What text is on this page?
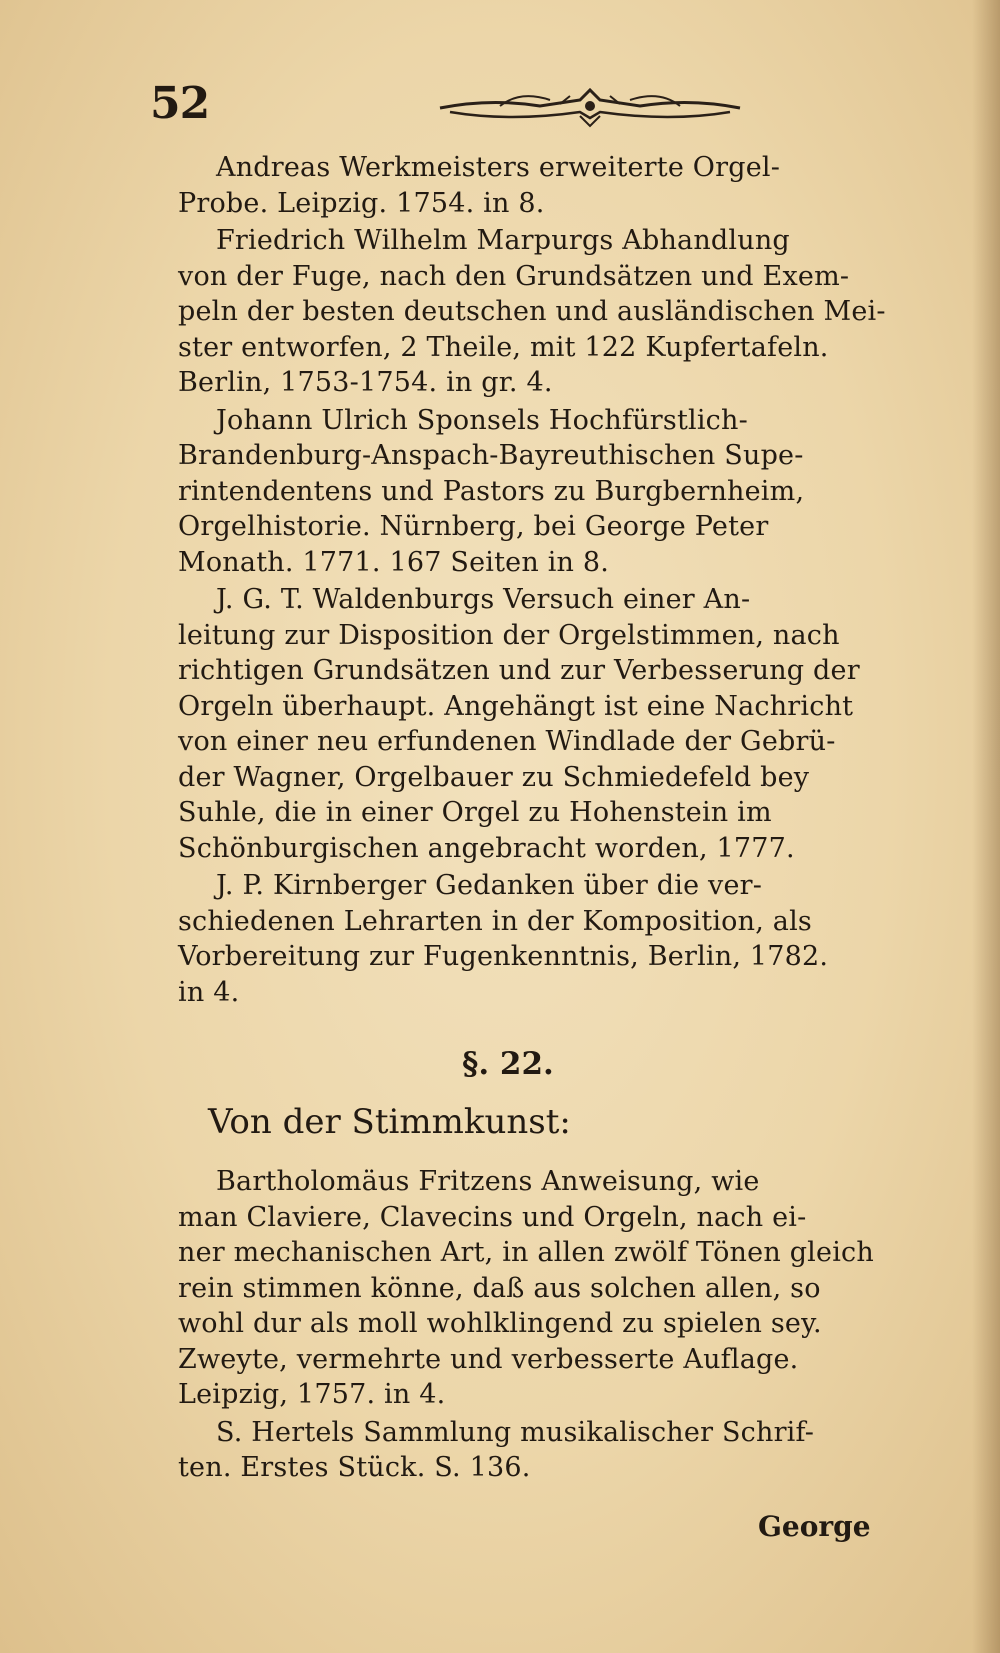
52
Andreas Werkmeisters erweiterte Orgel-
Probe. Leipzig. 1754. in 8.
Friedrich Wilhelm Marpurgs Abhandlung
von der Fuge, nach den Grundsätzen und Exem-
peln der besten deutschen und ausländischen Mei-
ster entworfen, 2 Theile, mit 122 Kupfertafeln.
Berlin, 1753-1754. in gr. 4.
Johann Ulrich Sponsels Hochfürstlich-
Brandenburg-Anspach-Bayreuthischen Supe-
rintendentens und Pastors zu Burgbernheim,
Orgelhistorie. Nürnberg, bei George Peter
Monath. 1771. 167 Seiten in 8.
J. G. T. Waldenburgs Versuch einer An-
leitung zur Disposition der Orgelstimmen, nach
richtigen Grundsätzen und zur Verbesserung der
Orgeln überhaupt. Angehängt ist eine Nachricht
von einer neu erfundenen Windlade der Gebrü-
der Wagner, Orgelbauer zu Schmiedefeld bey
Suhle, die in einer Orgel zu Hohenstein im
Schönburgischen angebracht worden, 1777.
J. P. Kirnberger Gedanken über die ver-
schiedenen Lehrarten in der Komposition, als
Vorbereitung zur Fugenkenntnis, Berlin, 1782.
in 4.
§. 22.
Von der Stimmkunst:
Bartholomäus Fritzens Anweisung, wie
man Claviere, Clavecins und Orgeln, nach ei-
ner mechanischen Art, in allen zwölf Tönen gleich
rein stimmen könne, daß aus solchen allen, so
wohl dur als moll wohlklingend zu spielen sey.
Zweyte, vermehrte und verbesserte Auflage.
Leipzig, 1757. in 4.
S. Hertels Sammlung musikalischer Schrif-
ten. Erstes Stück. S. 136.
George
